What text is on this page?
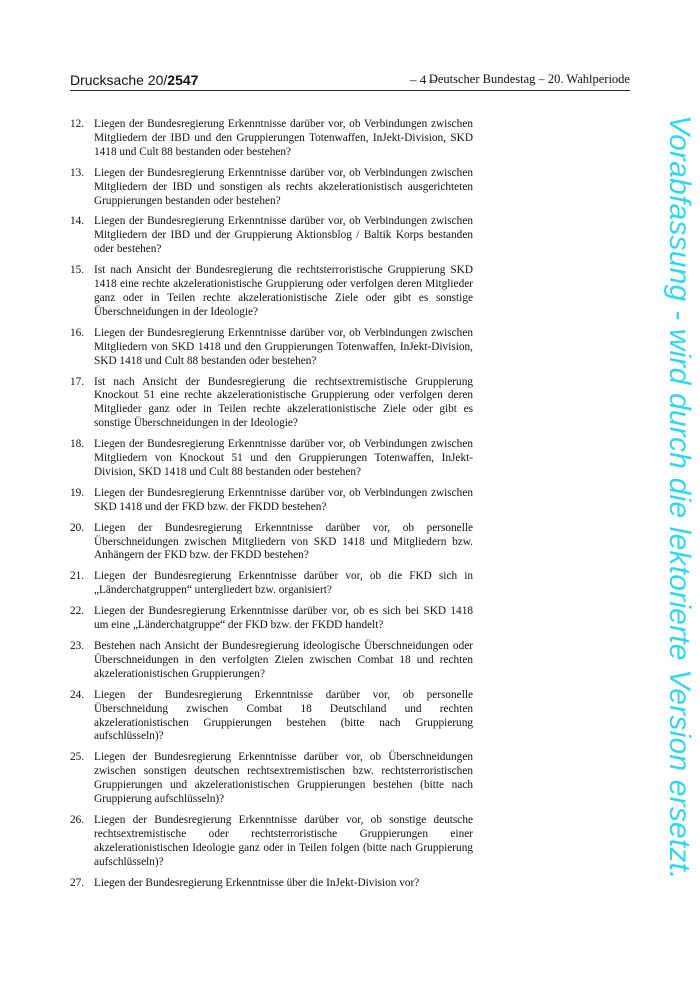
Drucksache 20/2547	– 4 –
Deutscher Bundestag – 20. Wahlperiode
12. Liegen der Bundesregierung Erkenntnisse darüber vor, ob Verbindungen zwischen Mitgliedern der IBD und den Gruppierungen Totenwaffen, InJekt-Division, SKD 1418 und Cult 88 bestanden oder bestehen?
13. Liegen der Bundesregierung Erkenntnisse darüber vor, ob Verbindungen zwischen Mitgliedern der IBD und sonstigen als rechts akzelerationistisch ausgerichteten Gruppierungen bestanden oder bestehen?
14. Liegen der Bundesregierung Erkenntnisse darüber vor, ob Verbindungen zwischen Mitgliedern der IBD und der Gruppierung Aktionsblog / Baltik Korps bestanden oder bestehen?
15. Ist nach Ansicht der Bundesregierung die rechtsterroristische Gruppierung SKD 1418 eine rechte akzelerationistische Gruppierung oder verfolgen deren Mitglieder ganz oder in Teilen rechte akzelerationistische Ziele oder gibt es sonstige Überschneidungen in der Ideologie?
16. Liegen der Bundesregierung Erkenntnisse darüber vor, ob Verbindungen zwischen Mitgliedern von SKD 1418 und den Gruppierungen Totenwaffen, InJekt-Division, SKD 1418 und Cult 88 bestanden oder bestehen?
17. Ist nach Ansicht der Bundesregierung die rechtsextremistische Gruppierung Knockout 51 eine rechte akzelerationistische Gruppierung oder verfolgen deren Mitglieder ganz oder in Teilen rechte akzelerationistische Ziele oder gibt es sonstige Überschneidungen in der Ideologie?
18. Liegen der Bundesregierung Erkenntnisse darüber vor, ob Verbindungen zwischen Mitgliedern von Knockout 51 und den Gruppierungen Totenwaffen, InJekt-Division, SKD 1418 und Cult 88 bestanden oder bestehen?
19. Liegen der Bundesregierung Erkenntnisse darüber vor, ob Verbindungen zwischen SKD 1418 und der FKD bzw. der FKDD bestehen?
20. Liegen der Bundesregierung Erkenntnisse darüber vor, ob personelle Überschneidungen zwischen Mitgliedern von SKD 1418 und Mitgliedern bzw. Anhängern der FKD bzw. der FKDD bestehen?
21. Liegen der Bundesregierung Erkenntnisse darüber vor, ob die FKD sich in „Länderchatgruppen“ untergliedert bzw. organisiert?
22. Liegen der Bundesregierung Erkenntnisse darüber vor, ob es sich bei SKD 1418 um eine „Länderchatgruppe“ der FKD bzw. der FKDD handelt?
23. Bestehen nach Ansicht der Bundesregierung ideologische Überschneidungen oder Überschneidungen in den verfolgten Zielen zwischen Combat 18 und rechten akzelerationistischen Gruppierungen?
24. Liegen der Bundesregierung Erkenntnisse darüber vor, ob personelle Überschneidung zwischen Combat 18 Deutschland und rechten akzelerationistischen Gruppierungen bestehen (bitte nach Gruppierung aufschlüsseln)?
25. Liegen der Bundesregierung Erkenntnisse darüber vor, ob Überschneidungen zwischen sonstigen deutschen rechtsextremistischen bzw. rechtsterroristischen Gruppierungen und akzelerationistischen Gruppierungen bestehen (bitte nach Gruppierung aufschlüsseln)?
26. Liegen der Bundesregierung Erkenntnisse darüber vor, ob sonstige deutsche rechtsextremistische oder rechtsterroristische Gruppierungen einer akzelerationistischen Ideologie ganz oder in Teilen folgen (bitte nach Gruppierung aufschlüsseln)?
27. Liegen der Bundesregierung Erkenntnisse über die InJekt-Division vor?
Vorabfassung - wird durch die lektorierte Version ersetzt.
